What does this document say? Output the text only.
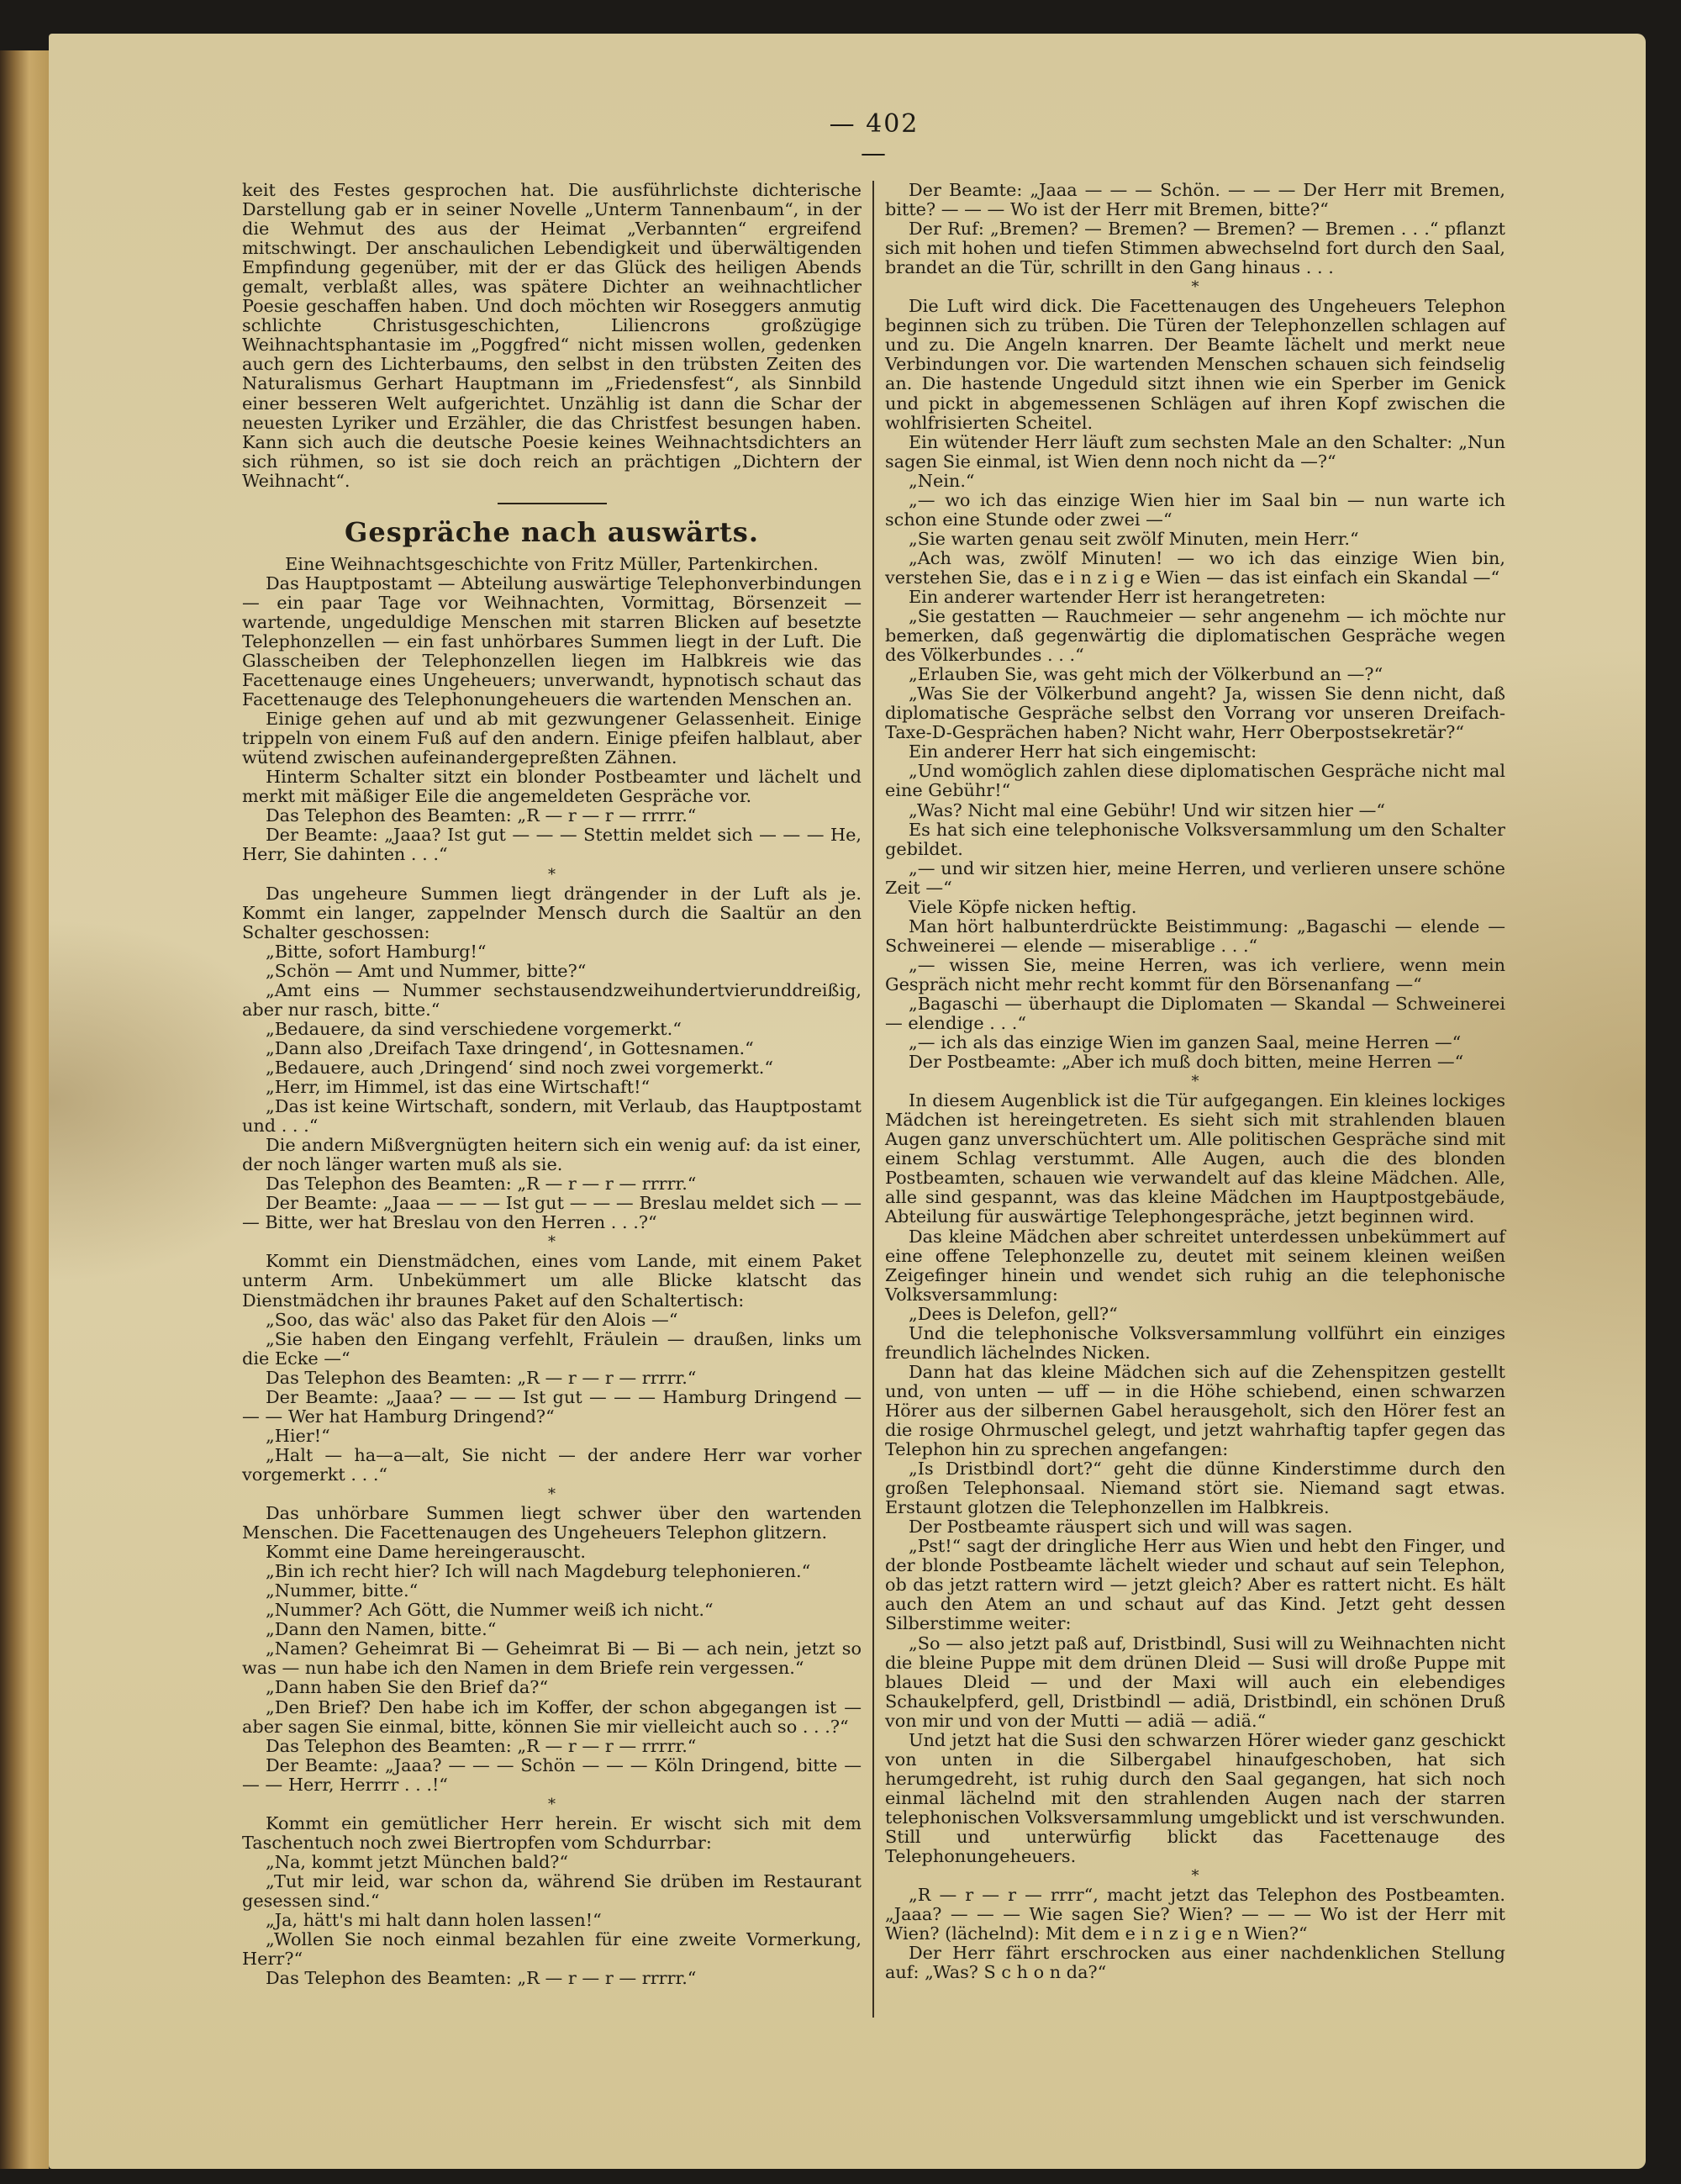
— 402 —

keit des Festes gesprochen hat. Die ausführlichste dichterische Darstellung gab er in seiner Novelle „Unterm Tannenbaum“, in der die Wehmut des aus der Heimat „Verbannten“ ergreifend mitschwingt. Der anschaulichen Lebendigkeit und überwältigenden Empfindung gegenüber, mit der er das Glück des heiligen Abends gemalt, verblaßt alles, was spätere Dichter an weihnachtlicher Poesie geschaffen haben. Und doch möchten wir Roseggers anmutig schlichte Christusgeschichten, Liliencrons großzügige Weihnachtsphantasie im „Poggfred“ nicht missen wollen, gedenken auch gern des Lichterbaums, den selbst in den trübsten Zeiten des Naturalismus Gerhart Hauptmann im „Friedensfest“, als Sinnbild einer besseren Welt aufgerichtet. Unzählig ist dann die Schar der neuesten Lyriker und Erzähler, die das Christfest besungen haben. Kann sich auch die deutsche Poesie keines Weihnachtsdichters an sich rühmen, so ist sie doch reich an prächtigen „Dichtern der Weihnacht“.

Gespräche nach auswärts.

Eine Weihnachtsgeschichte von Fritz Müller, Partenkirchen.

Das Hauptpostamt — Abteilung auswärtige Telephonverbindungen — ein paar Tage vor Weihnachten, Vormittag, Börsenzeit — wartende, ungeduldige Menschen mit starren Blicken auf besetzte Telephonzellen — ein fast unhörbares Summen liegt in der Luft. Die Glasscheiben der Telephonzellen liegen im Halbkreis wie das Facettenauge eines Ungeheuers; unverwandt, hypnotisch schaut das Facettenauge des Telephonungeheuers die wartenden Menschen an.

Einige gehen auf und ab mit gezwungener Gelassenheit. Einige trippeln von einem Fuß auf den andern. Einige pfeifen halblaut, aber wütend zwischen aufeinandergepreßten Zähnen.

Hinterm Schalter sitzt ein blonder Postbeamter und lächelt und merkt mit mäßiger Eile die angemeldeten Gespräche vor.

Das Telephon des Beamten: „R — r — r — rrrrr.“

Der Beamte: „Jaaa? Ist gut — — — Stettin meldet sich — — — He, Herr, Sie dahinten . . .“

*

Das ungeheure Summen liegt drängender in der Luft als je. Kommt ein langer, zappelnder Mensch durch die Saaltür an den Schalter geschossen:

„Bitte, sofort Hamburg!“

„Schön — Amt und Nummer, bitte?“

„Amt eins — Nummer sechstausendzweihundertvierunddreißig, aber nur rasch, bitte.“

„Bedauere, da sind verschiedene vorgemerkt.“

„Dann also ‚Dreifach Taxe dringend‘, in Gottesnamen.“

„Bedauere, auch ‚Dringend‘ sind noch zwei vorgemerkt.“

„Herr, im Himmel, ist das eine Wirtschaft!“

„Das ist keine Wirtschaft, sondern, mit Verlaub, das Hauptpostamt und . . .“

Die andern Mißvergnügten heitern sich ein wenig auf: da ist einer, der noch länger warten muß als sie.

Das Telephon des Beamten: „R — r — r — rrrrr.“

Der Beamte: „Jaaa — — — Ist gut — — — Breslau meldet sich — — — Bitte, wer hat Breslau von den Herren . . .?“

*

Kommt ein Dienstmädchen, eines vom Lande, mit einem Paket unterm Arm. Unbekümmert um alle Blicke klatscht das Dienstmädchen ihr braunes Paket auf den Schaltertisch:

„Soo, das wäc' also das Paket für den Alois —“

„Sie haben den Eingang verfehlt, Fräulein — draußen, links um die Ecke —“

Das Telephon des Beamten: „R — r — r — rrrrr.“

Der Beamte: „Jaaa? — — — Ist gut — — — Hamburg Dringend — — — Wer hat Hamburg Dringend?“

„Hier!“

„Halt — ha—a—alt, Sie nicht — der andere Herr war vorher vorgemerkt . . .“

*

Das unhörbare Summen liegt schwer über den wartenden Menschen. Die Facettenaugen des Ungeheuers Telephon glitzern.

Kommt eine Dame hereingerauscht.

„Bin ich recht hier? Ich will nach Magdeburg telephonieren.“

„Nummer, bitte.“

„Nummer? Ach Gött, die Nummer weiß ich nicht.“

„Dann den Namen, bitte.“

„Namen? Geheimrat Bi — Geheimrat Bi — Bi — ach nein, jetzt so was — nun habe ich den Namen in dem Briefe rein vergessen.“

„Dann haben Sie den Brief da?“

„Den Brief? Den habe ich im Koffer, der schon abgegangen ist — aber sagen Sie einmal, bitte, können Sie mir vielleicht auch so . . .?“

Das Telephon des Beamten: „R — r — r — rrrrr.“

Der Beamte: „Jaaa? — — — Schön — — — Köln Dringend, bitte — — — Herr, Herrrr . . .!“

*

Kommt ein gemütlicher Herr herein. Er wischt sich mit dem Taschentuch noch zwei Biertropfen vom Schdurrbar:

„Na, kommt jetzt München bald?“

„Tut mir leid, war schon da, während Sie drüben im Restaurant gesessen sind.“

„Ja, hätt's mi halt dann holen lassen!“

„Wollen Sie noch einmal bezahlen für eine zweite Vormerkung, Herr?“

Das Telephon des Beamten: „R — r — r — rrrrr.“

Der Beamte: „Jaaa — — — Schön. — — — Der Herr mit Bremen, bitte? — — — Wo ist der Herr mit Bremen, bitte?“

Der Ruf: „Bremen? — Bremen? — Bremen? — Bremen . . .“ pflanzt sich mit hohen und tiefen Stimmen abwechselnd fort durch den Saal, brandet an die Tür, schrillt in den Gang hinaus . . .

*

Die Luft wird dick. Die Facettenaugen des Ungeheuers Telephon beginnen sich zu trüben. Die Türen der Telephonzellen schlagen auf und zu. Die Angeln knarren. Der Beamte lächelt und merkt neue Verbindungen vor. Die wartenden Menschen schauen sich feindselig an. Die hastende Ungeduld sitzt ihnen wie ein Sperber im Genick und pickt in abgemessenen Schlägen auf ihren Kopf zwischen die wohlfrisierten Scheitel.

Ein wütender Herr läuft zum sechsten Male an den Schalter: „Nun sagen Sie einmal, ist Wien denn noch nicht da —?“

„Nein.“

„— wo ich das einzige Wien hier im Saal bin — nun warte ich schon eine Stunde oder zwei —“

„Sie warten genau seit zwölf Minuten, mein Herr.“

„Ach was, zwölf Minuten! — wo ich das einzige Wien bin, verstehen Sie, das e i n z i g e Wien — das ist einfach ein Skandal —“

Ein anderer wartender Herr ist herangetreten:

„Sie gestatten — Rauchmeier — sehr angenehm — ich möchte nur bemerken, daß gegenwärtig die diplomatischen Gespräche wegen des Völkerbundes . . .“

„Erlauben Sie, was geht mich der Völkerbund an —?“

„Was Sie der Völkerbund angeht? Ja, wissen Sie denn nicht, daß diplomatische Gespräche selbst den Vorrang vor unseren Dreifach-Taxe-D-Gesprächen haben? Nicht wahr, Herr Oberpostsekretär?“

Ein anderer Herr hat sich eingemischt:

„Und womöglich zahlen diese diplomatischen Gespräche nicht mal eine Gebühr!“

„Was? Nicht mal eine Gebühr! Und wir sitzen hier —“

Es hat sich eine telephonische Volksversammlung um den Schalter gebildet.

„— und wir sitzen hier, meine Herren, und verlieren unsere schöne Zeit —“

Viele Köpfe nicken heftig.

Man hört halbunterdrückte Beistimmung: „Bagaschi — elende — Schweinerei — elende — miserablige . . .“

„— wissen Sie, meine Herren, was ich verliere, wenn mein Gespräch nicht mehr recht kommt für den Börsenanfang —“

„Bagaschi — überhaupt die Diplomaten — Skandal — Schweinerei — elendige . . .“

„— ich als das einzige Wien im ganzen Saal, meine Herren —“

Der Postbeamte: „Aber ich muß doch bitten, meine Herren —“

*

In diesem Augenblick ist die Tür aufgegangen. Ein kleines lockiges Mädchen ist hereingetreten. Es sieht sich mit strahlenden blauen Augen ganz unverschüchtert um. Alle politischen Gespräche sind mit einem Schlag verstummt. Alle Augen, auch die des blonden Postbeamten, schauen wie verwandelt auf das kleine Mädchen. Alle, alle sind gespannt, was das kleine Mädchen im Hauptpostgebäude, Abteilung für auswärtige Telephongespräche, jetzt beginnen wird.

Das kleine Mädchen aber schreitet unterdessen unbekümmert auf eine offene Telephonzelle zu, deutet mit seinem kleinen weißen Zeigefinger hinein und wendet sich ruhig an die telephonische Volksversammlung:

„Dees is Delefon, gell?“

Und die telephonische Volksversammlung vollführt ein einziges freundlich lächelndes Nicken.

Dann hat das kleine Mädchen sich auf die Zehenspitzen gestellt und, von unten — uff — in die Höhe schiebend, einen schwarzen Hörer aus der silbernen Gabel herausgeholt, sich den Hörer fest an die rosige Ohrmuschel gelegt, und jetzt wahrhaftig tapfer gegen das Telephon hin zu sprechen angefangen:

„Is Dristbindl dort?“ geht die dünne Kinderstimme durch den großen Telephonsaal. Niemand stört sie. Niemand sagt etwas. Erstaunt glotzen die Telephonzellen im Halbkreis.

Der Postbeamte räuspert sich und will was sagen.

„Pst!“ sagt der dringliche Herr aus Wien und hebt den Finger, und der blonde Postbeamte lächelt wieder und schaut auf sein Telephon, ob das jetzt rattern wird — jetzt gleich? Aber es rattert nicht. Es hält auch den Atem an und schaut auf das Kind. Jetzt geht dessen Silberstimme weiter:

„So — also jetzt paß auf, Dristbindl, Susi will zu Weihnachten nicht die bleine Puppe mit dem drünen Dleid — Susi will droße Puppe mit blaues Dleid — und der Maxi will auch ein elebendiges Schaukelpferd, gell, Dristbindl — adiä, Dristbindl, ein schönen Druß von mir und von der Mutti — adiä — adiä.“

Und jetzt hat die Susi den schwarzen Hörer wieder ganz geschickt von unten in die Silbergabel hinaufgeschoben, hat sich herumgedreht, ist ruhig durch den Saal gegangen, hat sich noch einmal lächelnd mit den strahlenden Augen nach der starren telephonischen Volksversammlung umgeblickt und ist verschwunden. Still und unterwürfig blickt das Facettenauge des Telephonungeheuers.

*

„R — r — r — rrrr“, macht jetzt das Telephon des Postbeamten. „Jaaa? — — — Wie sagen Sie? Wien? — — — Wo ist der Herr mit Wien? (lächelnd): Mit dem e i n z i g e n Wien?“

Der Herr fährt erschrocken aus einer nachdenklichen Stellung auf: „Was? S c h o n da?“
